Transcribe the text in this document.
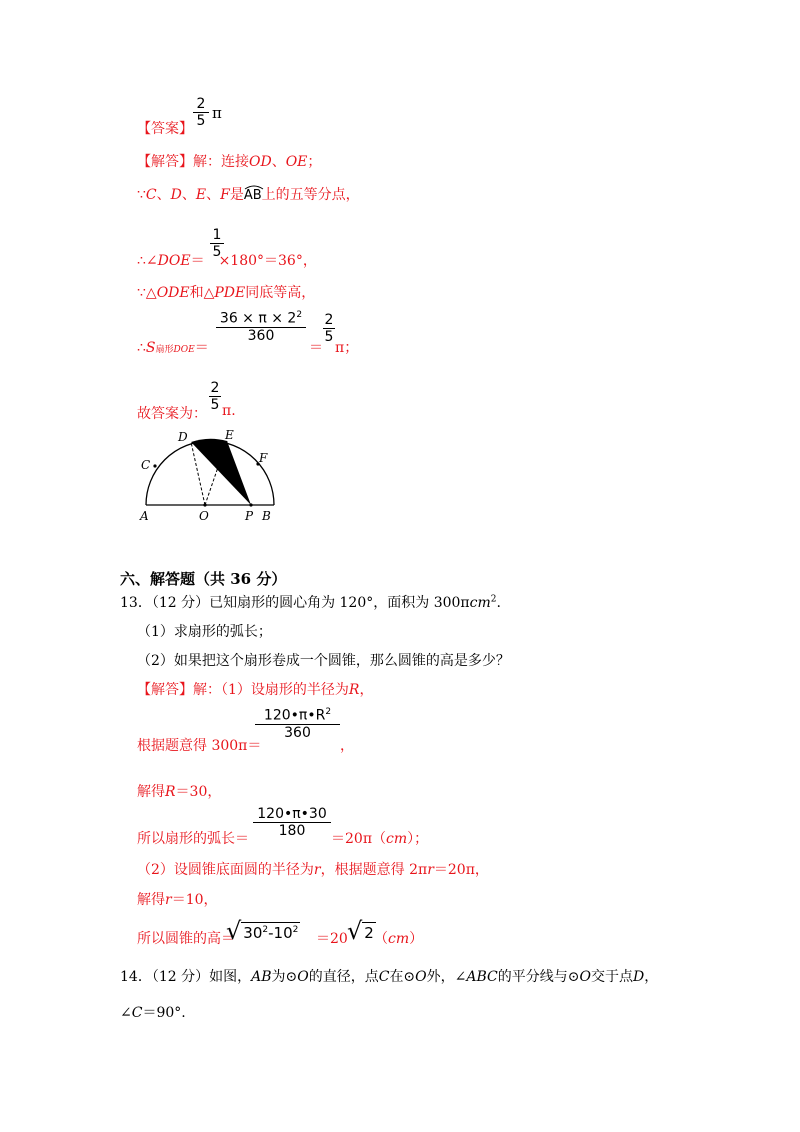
【答案】
2
5 π
【解答】解：连接OD、OE；
∵C、D、E、F是
AB上的五等分点，
1
5
∴∠DOE＝ ×180°＝36°，
∵△ODE和△PDE同底等高，
∴S扇形DOE＝
$36 \times \pi \times 2^2$
360
＝
2
5
π；
故答案为：
2
5 π.
D	E
C	F
A	O	P B
六、解答题（共 36 分）
13．（12 分）已知扇形的圆心角为 120°，面积为 300πcm$^2$.
（1）求扇形的弧长；
（2）如果把这个扇形卷成一个圆锥，那么圆锥的高是多少？
【解答】解：（1）设扇形的半径为R，
根据题意得 300π＝
$120•\pi•R^2$
360
，
解得R＝30，
所以扇形的弧长＝
120•π•30
180	＝20π（cm）；
（2）设圆锥底面圆的半径为r，根据题意得 2πr＝20π，
解得r＝10，
所以圆锥的高＝
√ $30^2-10^2$
＝20 √ 2 （cm）
14．（12 分）如图，AB为⊙O的直径，点C在⊙O外，∠ABC的平分线与⊙O交于点D，
∠C＝90°.
